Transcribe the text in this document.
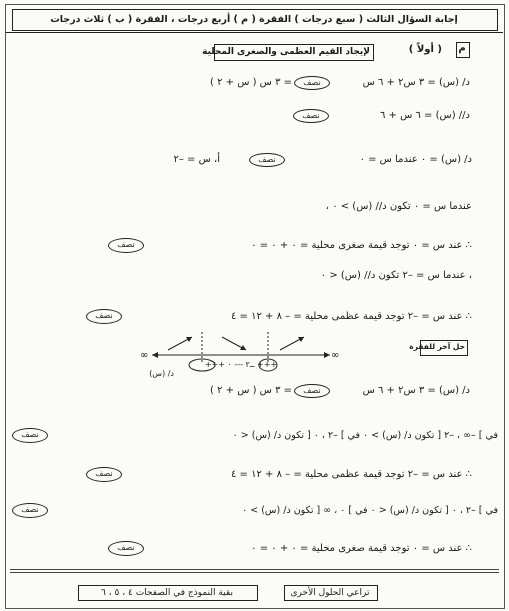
إجابة السؤال الثالث ( سبع درجات ) الفقرة ( م ) أربع درجات ، الفقرة ( ب ) ثلاث درجات
م
( أولاً )
لإيجاد القيم العظمى والصغرى المحلية
د/ (س) = ٣ س٢ + ٦ س
نصف
= ٣ س ( س + ٢ )
د// (س) = ٦ س + ٦
نصف
د/ (س) = ٠ عندما س = ٠
نصف
أ، س = –٢
عندما س = ٠ تكون د// (س) > ٠ ،
∴ عند س = ٠ توجد قيمة صغرى محلية = ٠ + ٠ = ٠
نصف
، عندما س = –٢ تكون د// (س) < ٠
∴ عند س = –٢ توجد قيمة عظمى محلية = – ٨ + ١٢ = ٤
نصف
حل آخر للفقرة
∞	∞
+++ ــ٢ --- ٠ +++
د/ (س)
د/ (س) = ٣ س٢ + ٦ س
نصف
= ٣ س ( س + ٢ )
في ] –∞ ، –٢ [ تكون د/ (س) > ٠ في ] –٢ ، ٠ [ تكون د/ (س) < ٠
نصف
∴ عند س = –٢ توجد قيمة عظمى محلية = – ٨ + ١٢ = ٤
نصف
في ] –٢ ، ٠ [ تكون د/ (س) < ٠ في ] ٠ ، ∞ [ تكون د/ (س) > ٠
نصف
∴ عند س = ٠ توجد قيمة صغرى محلية = ٠ + ٠ = ٠
نصف
بقية النموذج في الصفحات ٤ ، ٥ ، ٦	تراعي الحلول الأخرى
